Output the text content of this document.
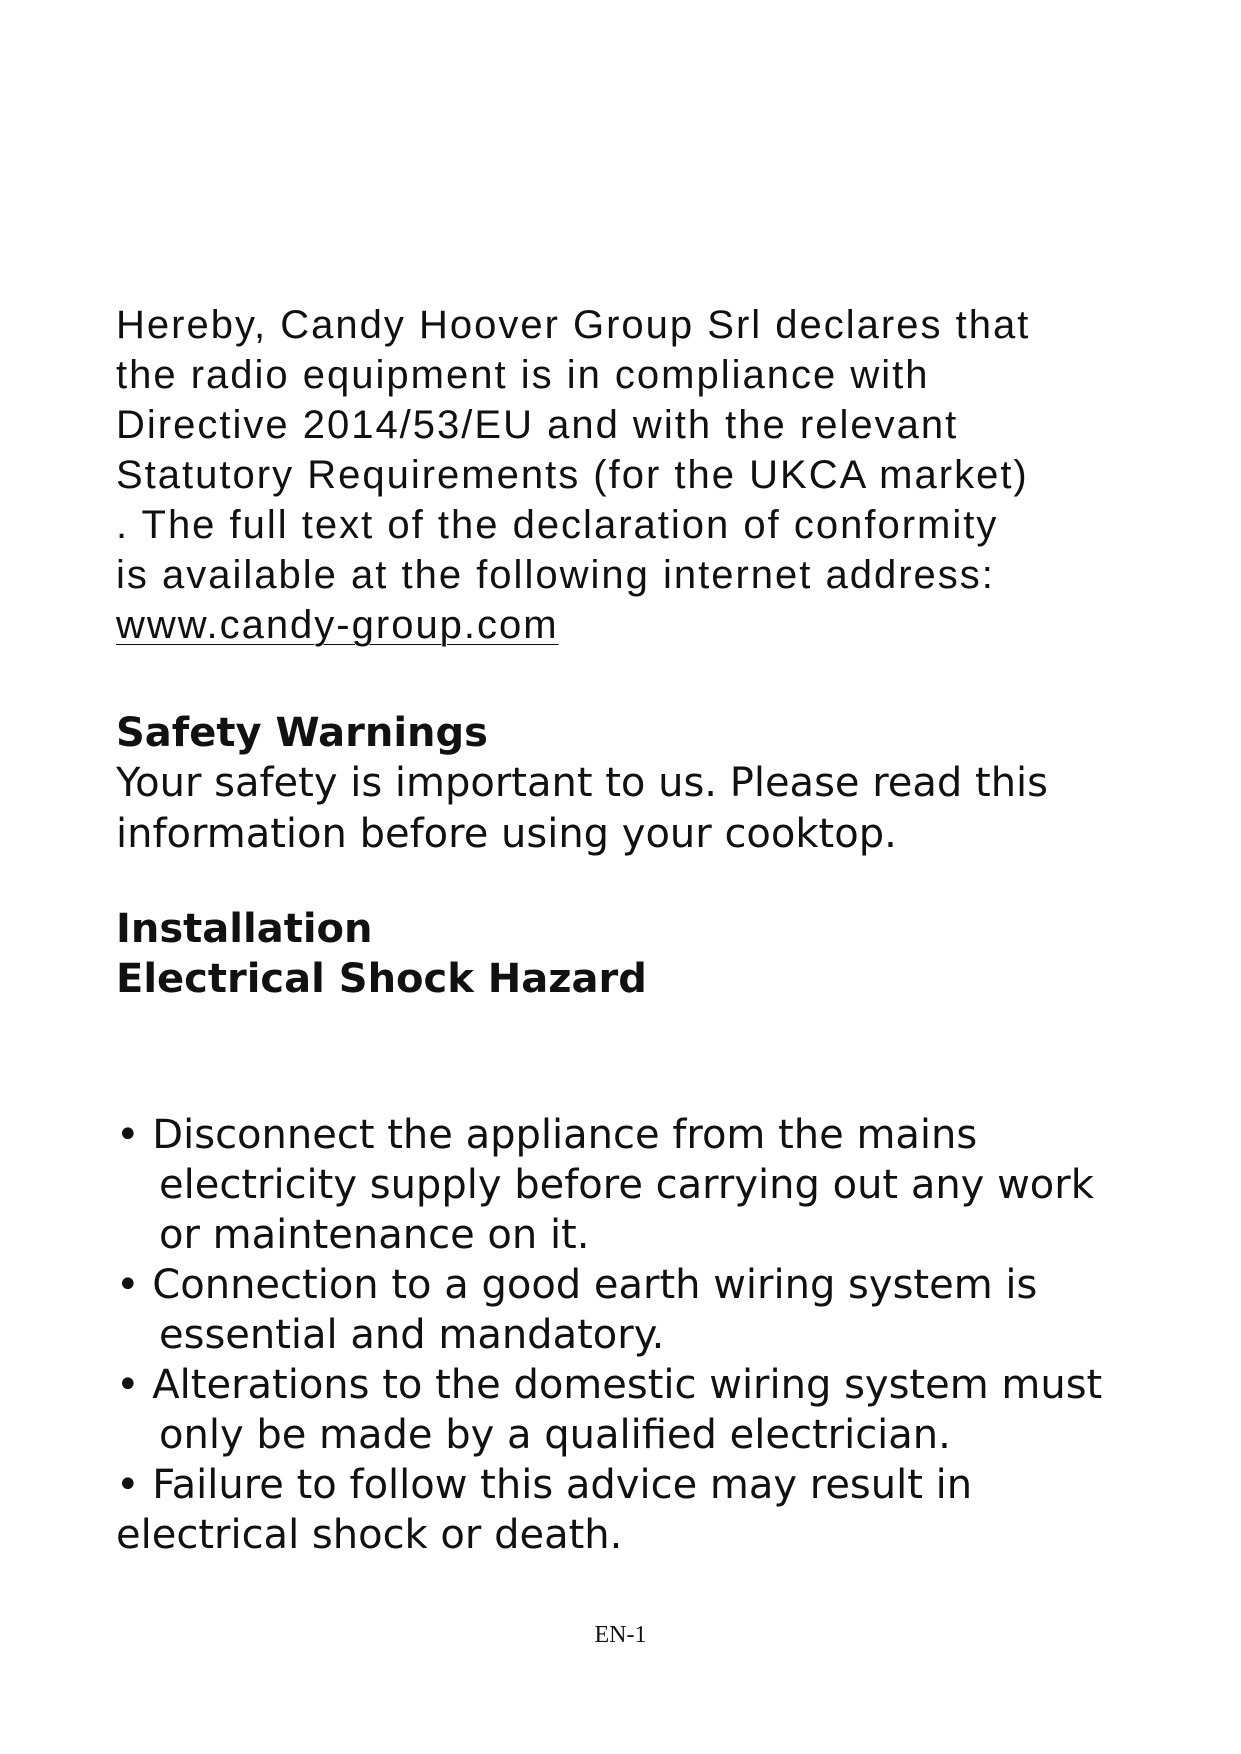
Hereby, Candy Hoover Group Srl declares that
the radio equipment is in compliance with
Directive 2014/53/EU and with the relevant
Statutory Requirements (for the UKCA market)
. The full text of the declaration of conformity
is available at the following internet address:
www.candy-group.com
Safety Warnings
Your safety is important to us. Please read this
information before using your cooktop.
Installation
Electrical Shock Hazard
• Disconnect the appliance from the mains
electricity supply before carrying out any work
or maintenance on it.
• Connection to a good earth wiring system is
essential and mandatory.
• Alterations to the domestic wiring system must
only be made by a qualified electrician.
• Failure to follow this advice may result in
electrical shock or death.
EN-1
